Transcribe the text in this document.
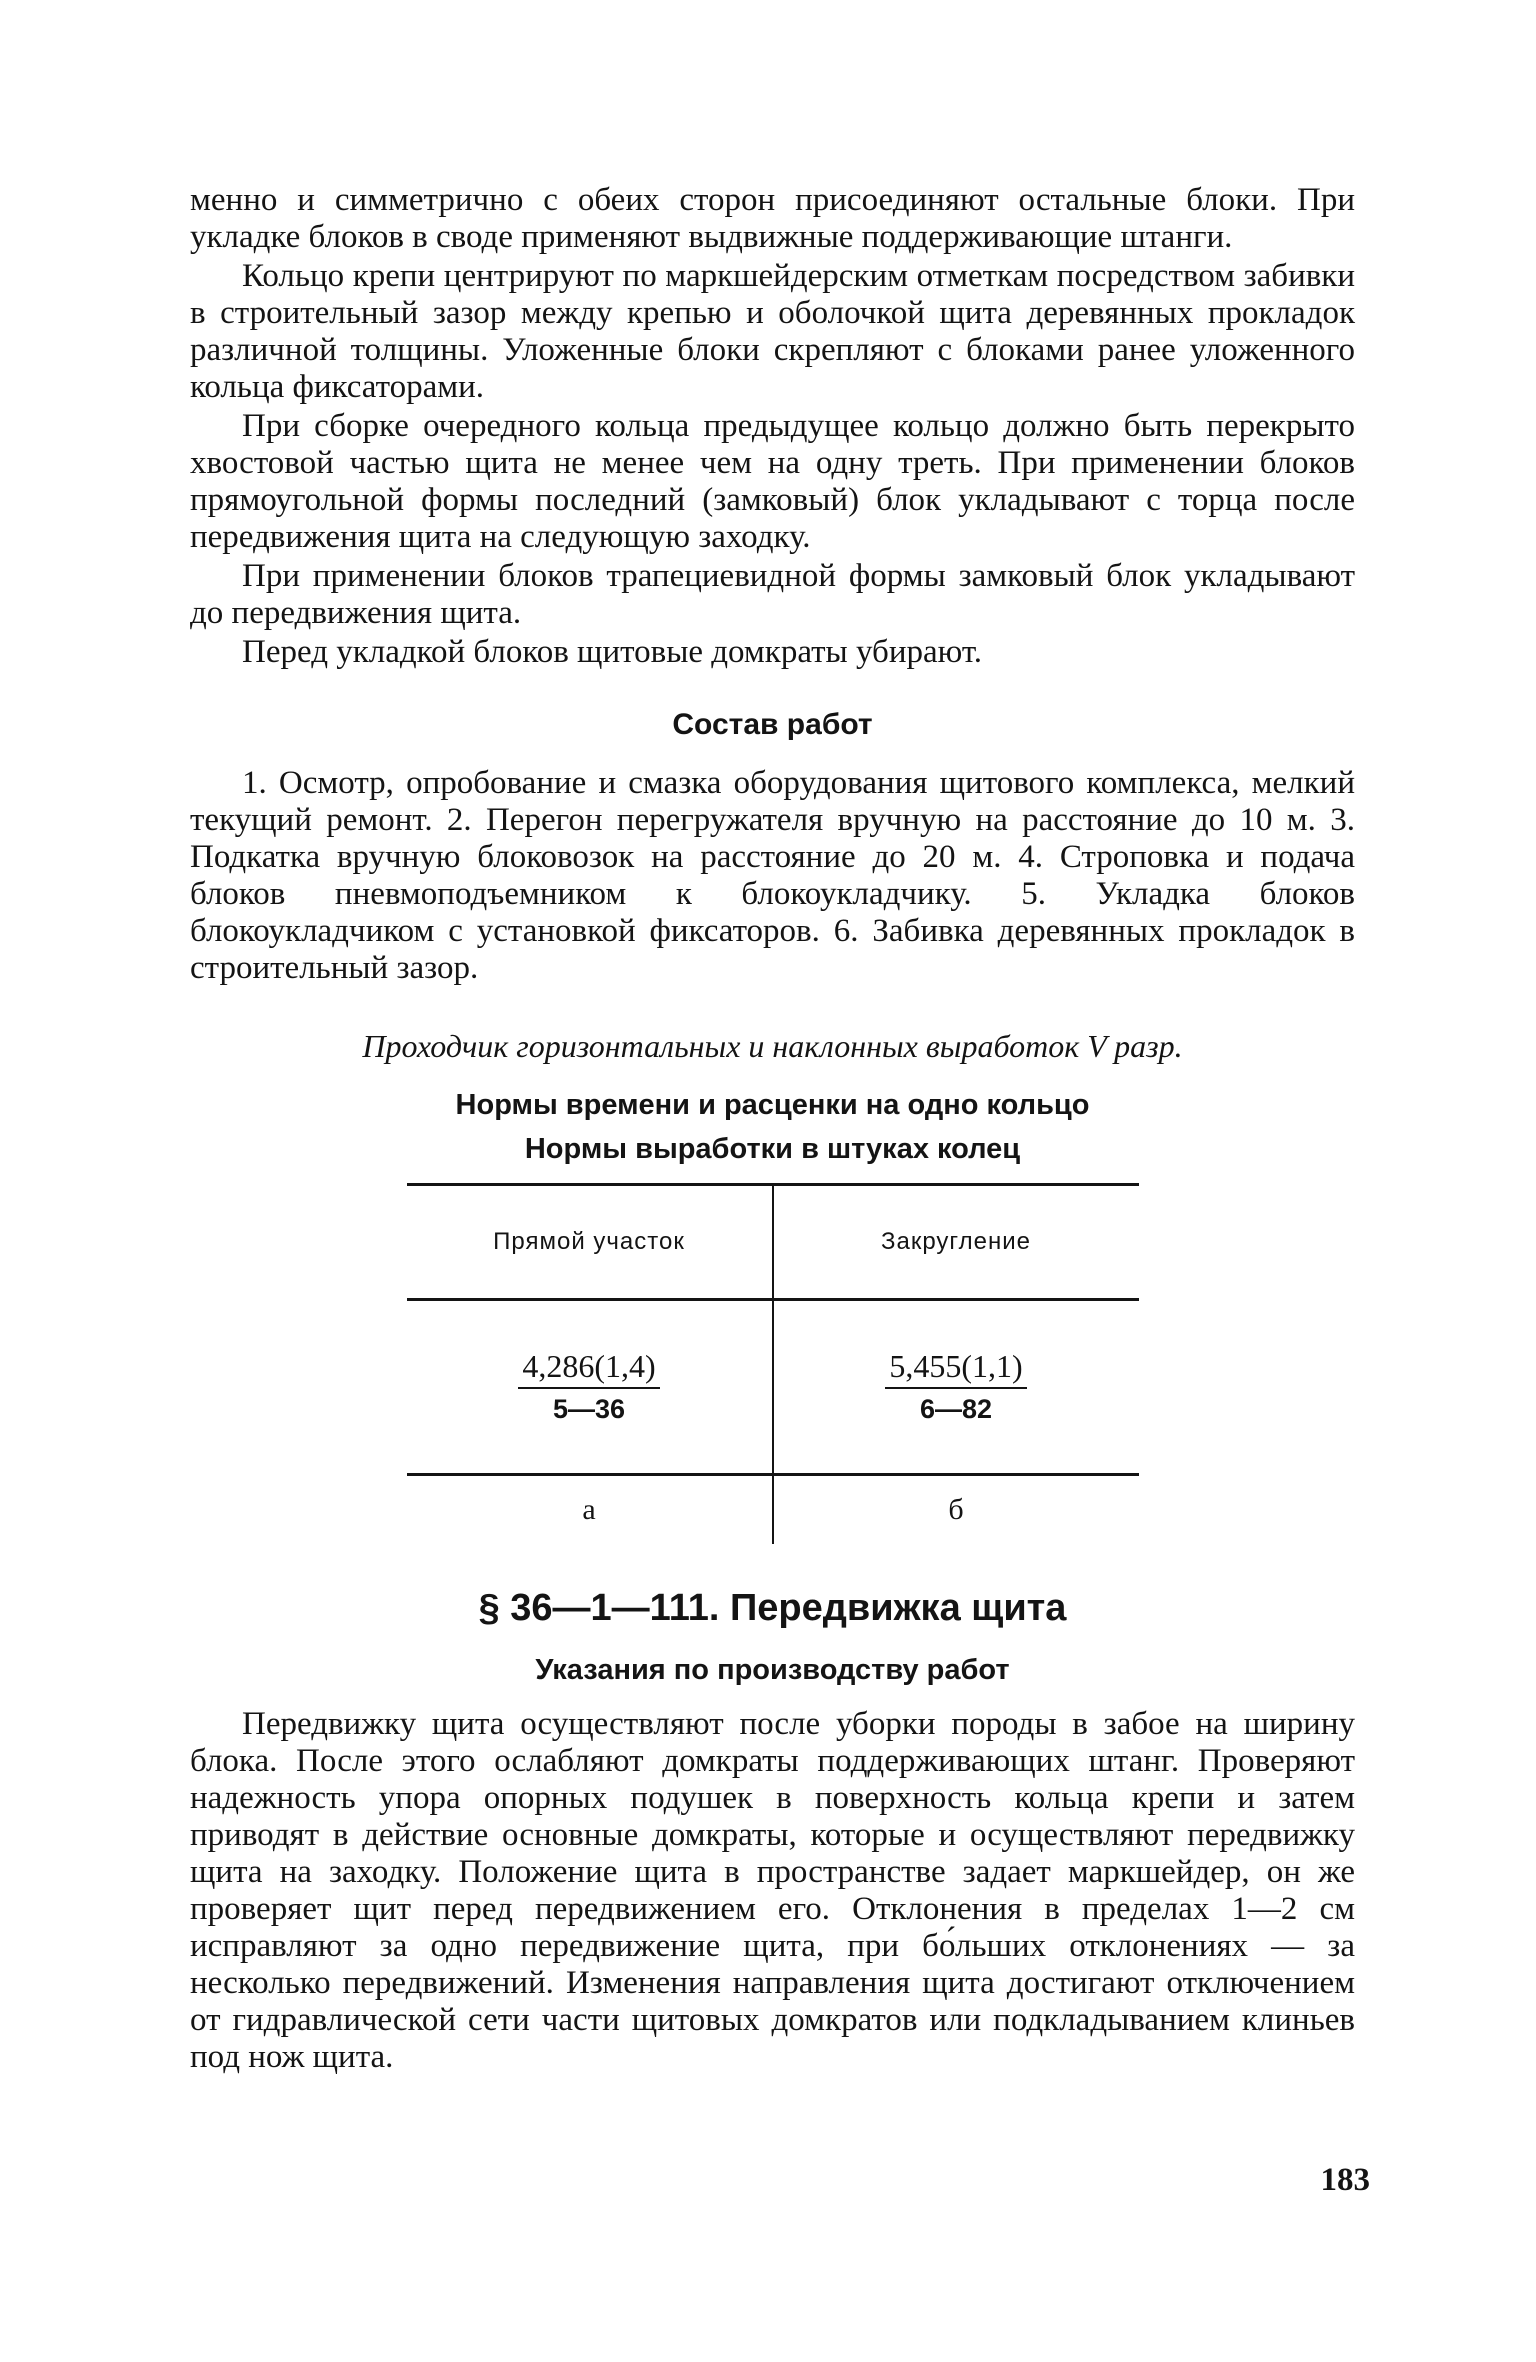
менно и симметрично с обеих сторон присоединяют остальные блоки. При укладке блоков в своде применяют выдвижные поддерживающие штанги.

Кольцо крепи центрируют по маркшейдерским отметкам посредством забивки в строительный зазор между крепью и оболочкой щита деревянных прокладок различной толщины. Уложенные блоки скрепляют с блоками ранее уложенного кольца фиксаторами.

При сборке очередного кольца предыдущее кольцо должно быть перекрыто хвостовой частью щита не менее чем на одну треть. При применении блоков прямоугольной формы последний (замковый) блок укладывают с торца после передвижения щита на следующую заходку.

При применении блоков трапециевидной формы замковый блок укладывают до передвижения щита.

Перед укладкой блоков щитовые домкраты убирают.

Состав работ

1. Осмотр, опробование и смазка оборудования щитового комплекса, мелкий текущий ремонт. 2. Перегон перегружателя вручную на расстояние до 10 м. 3. Подкатка вручную блоковозок на расстояние до 20 м. 4. Строповка и подача блоков пневмоподъемником к блокоукладчику. 5. Укладка блоков блокоукладчиком с установкой фиксаторов. 6. Забивка деревянных прокладок в строительный зазор.

Проходчик горизонтальных и наклонных выработок V разр.
Нормы времени и расценки на одно кольцо
Нормы выработки в штуках колец
Прямой участок	Закругление

$\frac{4,286(1,4)}{5—36}$	$\frac{5,455(1,1)}{6—82}$

а	б
§ 36—1—111. Передвижка щита
Указания по производству работ

Передвижку щита осуществляют после уборки породы в забое на ширину блока. После этого ослабляют домкраты поддерживающих штанг. Проверяют надежность упора опорных подушек в поверхность кольца крепи и затем приводят в действие основные домкраты, которые и осуществляют передвижку щита на заходку. Положение щита в пространстве задает маркшейдер, он же проверяет щит перед передвижением его. Отклонения в пределах 1—2 см исправляют за одно передвижение щита, при бо́льших отклонениях — за несколько передвижений. Изменения направления щита достигают отключением от гидравлической сети части щитовых домкратов или подкладыванием клиньев под нож щита.

183
